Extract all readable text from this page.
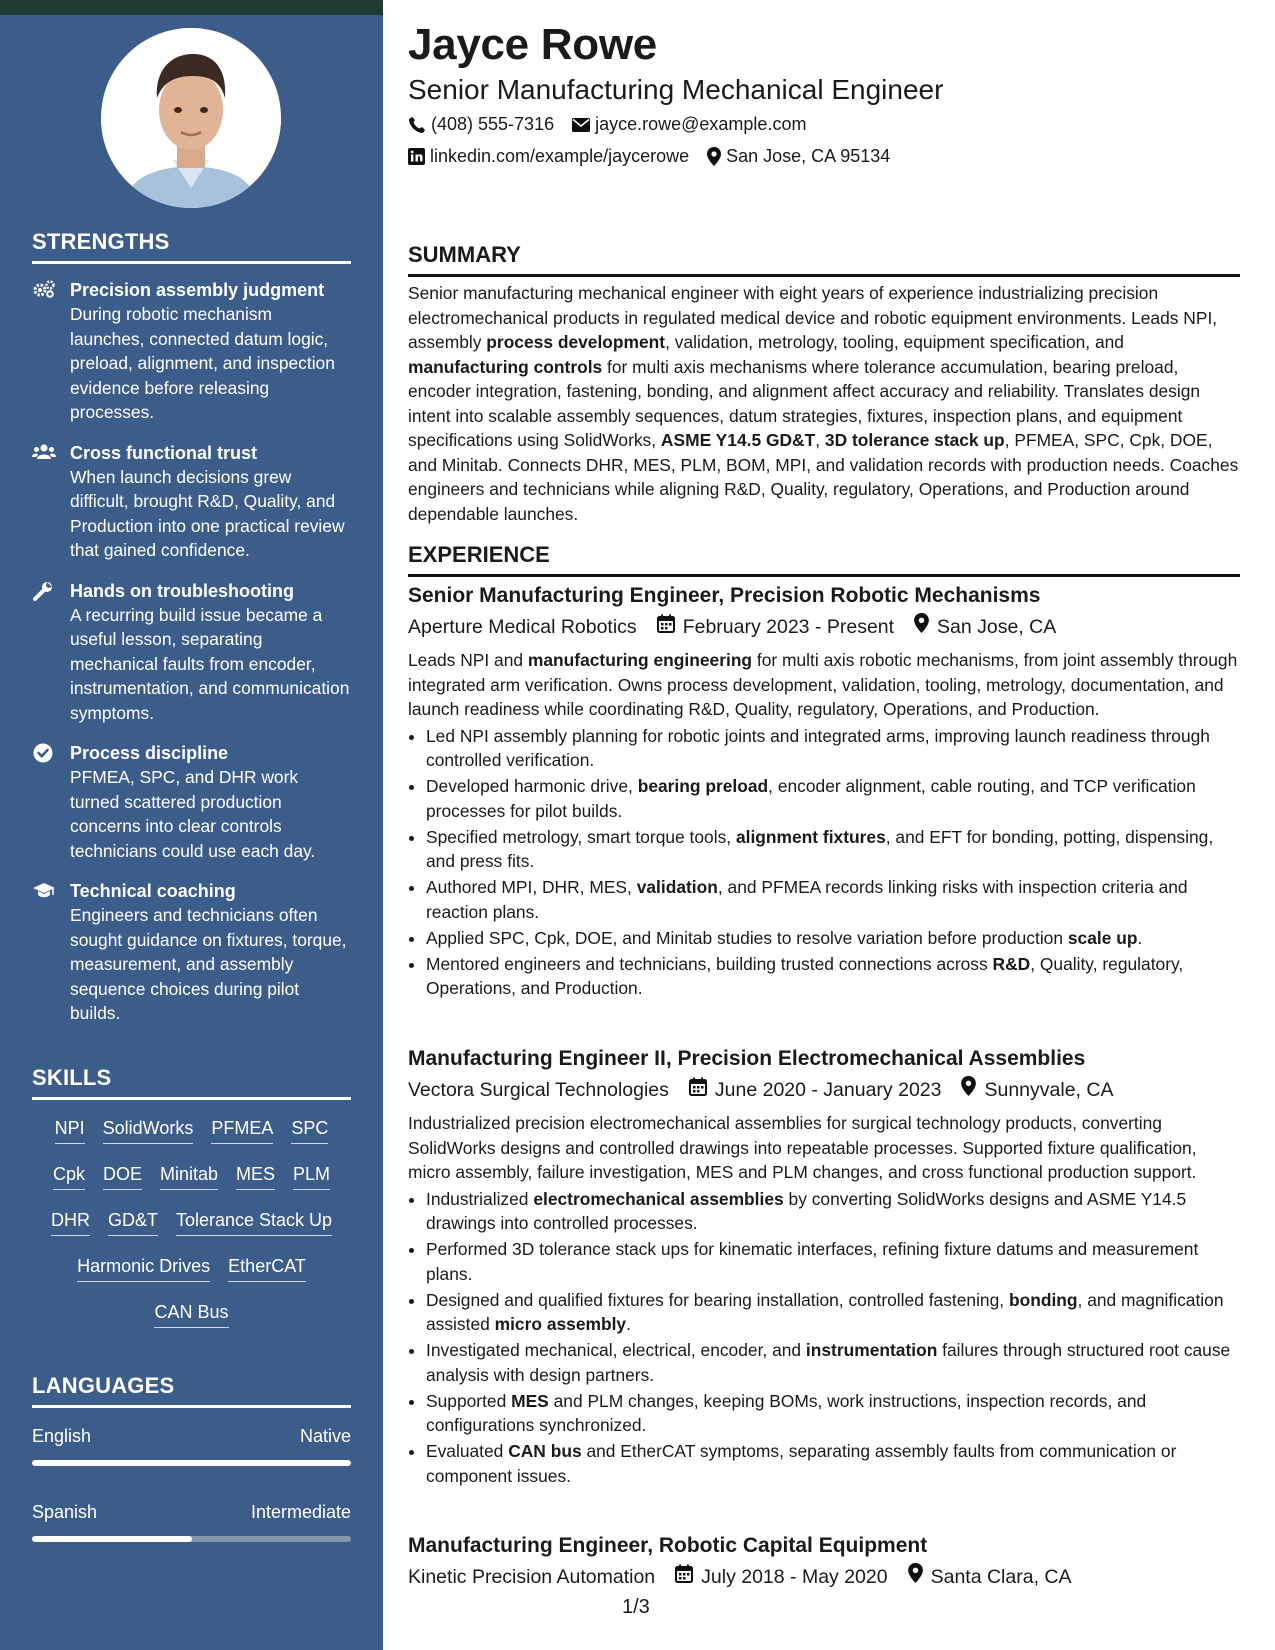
STRENGTHS
Precision assembly judgment
During robotic mechanism launches, connected datum logic, preload, alignment, and inspection evidence before releasing processes.
Cross functional trust
When launch decisions grew difficult, brought R&D, Quality, and Production into one practical review that gained confidence.
Hands on troubleshooting
A recurring build issue became a useful lesson, separating mechanical faults from encoder, instrumentation, and communication symptoms.
Process discipline
PFMEA, SPC, and DHR work turned scattered production concerns into clear controls technicians could use each day.
Technical coaching
Engineers and technicians often sought guidance on fixtures, torque, measurement, and assembly sequence choices during pilot builds.
SKILLS
NPI SolidWorks PFMEA SPC
Cpk DOE Minitab MES PLM
DHR GD&T Tolerance Stack Up
Harmonic Drives EtherCAT
CAN Bus
LANGUAGES
English	Native
Spanish	Intermediate
Jayce Rowe
Senior Manufacturing Mechanical Engineer
(408) 555-7316 jayce.rowe@example.com
linkedin.com/example/jaycerowe San Jose, CA 95134
SUMMARY

Senior manufacturing mechanical engineer with eight years of experience industrializing precision electromechanical products in regulated medical device and robotic equipment environments. Leads NPI, assembly process development, validation, metrology, tooling, equipment specification, and manufacturing controls for multi axis mechanisms where tolerance accumulation, bearing preload, encoder integration, fastening, bonding, and alignment affect accuracy and reliability. Translates design intent into scalable assembly sequences, datum strategies, fixtures, inspection plans, and equipment specifications using SolidWorks, ASME Y14.5 GD&T, 3D tolerance stack up, PFMEA, SPC, Cpk, DOE, and Minitab. Connects DHR, MES, PLM, BOM, MPI, and validation records with production needs. Coaches engineers and technicians while aligning R&D, Quality, regulatory, Operations, and Production around dependable launches.

EXPERIENCE
Senior Manufacturing Engineer, Precision Robotic Mechanisms
Aperture Medical Robotics February 2023 - Present San Jose, CA

Leads NPI and manufacturing engineering for multi axis robotic mechanisms, from joint assembly through integrated arm verification. Owns process development, validation, tooling, metrology, documentation, and launch readiness while coordinating R&D, Quality, regulatory, Operations, and Production.

• Led NPI assembly planning for robotic joints and integrated arms, improving launch readiness through controlled verification.
• Developed harmonic drive, bearing preload, encoder alignment, cable routing, and TCP verification processes for pilot builds.
• Specified metrology, smart torque tools, alignment fixtures, and EFT for bonding, potting, dispensing, and press fits.
• Authored MPI, DHR, MES, validation, and PFMEA records linking risks with inspection criteria and reaction plans.
• Applied SPC, Cpk, DOE, and Minitab studies to resolve variation before production scale up.
• Mentored engineers and technicians, building trusted connections across R&D, Quality, regulatory, Operations, and Production.
Manufacturing Engineer II, Precision Electromechanical Assemblies
Vectora Surgical Technologies June 2020 - January 2023 Sunnyvale, CA

Industrialized precision electromechanical assemblies for surgical technology products, converting SolidWorks designs and controlled drawings into repeatable processes. Supported fixture qualification, micro assembly, failure investigation, MES and PLM changes, and cross functional production support.

• Industrialized electromechanical assemblies by converting SolidWorks designs and ASME Y14.5 drawings into controlled processes.
• Performed 3D tolerance stack ups for kinematic interfaces, refining fixture datums and measurement plans.
• Designed and qualified fixtures for bearing installation, controlled fastening, bonding, and magnification assisted micro assembly.
• Investigated mechanical, electrical, encoder, and instrumentation failures through structured root cause analysis with design partners.
• Supported MES and PLM changes, keeping BOMs, work instructions, inspection records, and configurations synchronized.
• Evaluated CAN bus and EtherCAT symptoms, separating assembly faults from communication or component issues.
Manufacturing Engineer, Robotic Capital Equipment
Kinetic Precision Automation July 2018 - May 2020 Santa Clara, CA
1/3
